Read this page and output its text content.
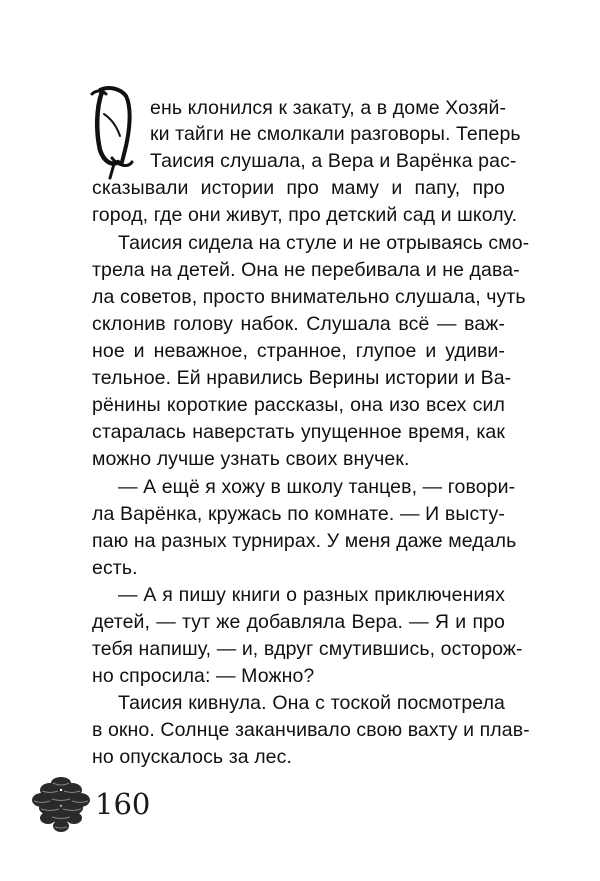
ень клонился к закату, а в доме Хозяй-
ки тайги не смолкали разговоры. Теперь
Таисия слушала, а Вера и Варёнка рас-
сказывали истории про маму и папу, про
город, где они живут, про детский сад и школу.
Таисия сидела на стуле и не отрываясь смо-
трела на детей. Она не перебивала и не дава-
ла советов, просто внимательно слушала, чуть
склонив голову набок. Слушала всё — важ-
ное и неважное, странное, глупое и удиви-
тельное. Ей нравились Верины истории и Ва-
рёнины короткие рассказы, она изо всех сил
старалась наверстать упущенное время, как
можно лучше узнать своих внучек.
— А ещё я хожу в школу танцев, — говори-
ла Варёнка, кружась по комнате. — И высту-
паю на разных турнирах. У меня даже медаль
есть.
— А я пишу книги о разных приключениях
детей, — тут же добавляла Вера. — Я и про
тебя напишу, — и, вдруг смутившись, осторож-
но спросила: — Можно?
Таисия кивнула. Она с тоской посмотрела
в окно. Солнце заканчивало свою вахту и плав-
но опускалось за лес.
160
